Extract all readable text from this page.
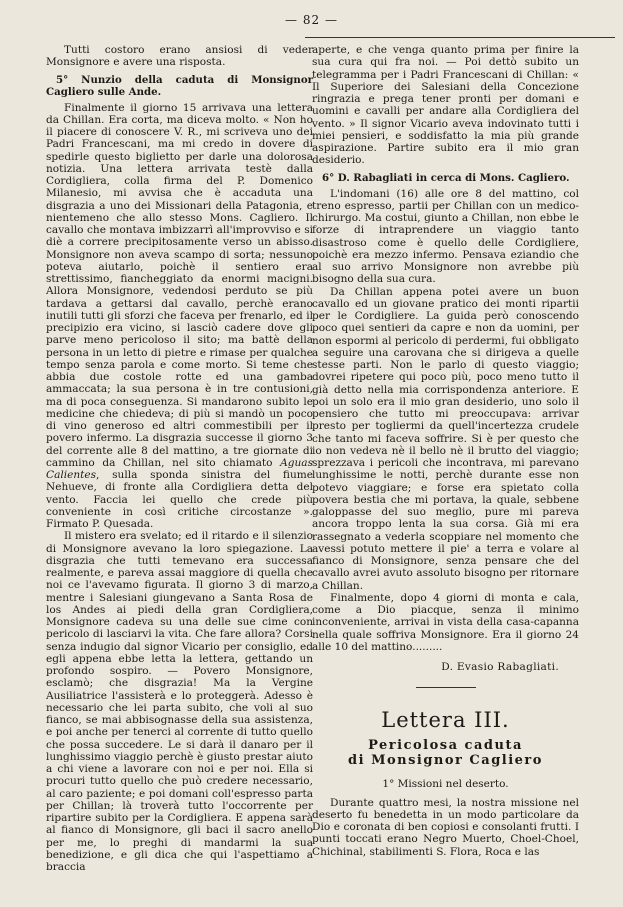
— 82 —

Tutti costoro erano ansiosi di veder Monsignore e avere una risposta.

5° Nunzio della caduta di Monsignor Cagliero sulle Ande.

Finalmente il giorno 15 arrivava una lettera da Chillan. Era corta, ma diceva molto. « Non ho il piacere di conoscere V. R., mi scriveva uno dei Padri Francescani, ma mi credo in dovere di spedirle questo biglietto per darle una dolorosa notizia. Una lettera arrivata testè dalla Cordigliera, colla firma del P. Domenico Milanesio, mi avvisa che è accaduta una disgrazia a uno dei Missionari della Patagonia, e nientemeno che allo stesso Mons. Cagliero. Il cavallo che montava imbizzarrì all'improvviso e si diè a correre precipitosamente verso un abisso. Monsignore non aveva scampo di sorta; nessuno poteva aiutarlo, poichè il sentiero era strettissimo, fiancheggiato da enormi macigni. Allora Monsignore, vedendosi perduto se più tardava a gettarsi dal cavallo, perchè erano inutili tutti gli sforzi che faceva per frenarlo, ed il precipizio era vicino, si lasciò cadere dove gli parve meno pericoloso il sito; ma battè della persona in un letto di pietre e rimase per qualche tempo senza parola e come morto. Si teme che abbia due costole rotte ed una gamba ammaccata; la sua persona è in tre contusioni, ma di poca conseguenza. Si mandarono subito le medicine che chiedeva; di più si mandò un poco di vino generoso ed altri commestibili per il povero infermo. La disgrazia successe il giorno 3 del corrente alle 8 del mattino, a tre giornate di cammino da Chillan, nel sito chiamato Aguas Calientes, sulla sponda sinistra del fiume Nehueve, di fronte alla Cordigliera detta del vento. Faccia lei quello che crede più conveniente in così critiche circostanze ». Firmato P. Quesada.

Il mistero era svelato; ed il ritardo e il silenzio di Monsignore avevano la loro spiegazione. La disgrazia che tutti temevano era successa realmente, e pareva assai maggiore di quella che noi ce l'avevamo figurata. Il giorno 3 di marzo, mentre i Salesiani giungevano a Santa Rosa de los Andes ai piedi della gran Cordigliera, Monsignore cadeva su una delle sue cime con pericolo di lasciarvi la vita. Che fare allora? Corsi senza indugio dal signor Vicario per consiglio, ed egli appena ebbe letta la lettera, gettando un profondo sospiro. — Povero Monsignore, esclamò; che disgrazia! Ma la Vergine Ausiliatrice l'assisterà e lo proteggerà. Adesso è necessario che lei parta subito, che voli al suo fianco, se mai abbisognasse della sua assistenza, e poi anche per tenerci al corrente di tutto quello che possa succedere. Le si darà il danaro per il lunghissimo viaggio perchè è giusto prestar aiuto a chi viene a lavorare con noi e per noi. Ella si procuri tutto quello che può credere necessario, al caro paziente; e poi domani coll'espresso parta per Chillan; là troverà tutto l'occorrente per ripartire subito per la Cordigliera. E appena sarà al fianco di Monsignore, gli baci il sacro anello per me, lo preghi di mandarmi la sua benedizione, e gli dica che qui l'aspettiamo a braccia

aperte, e che venga quanto prima per finire la sua cura qui fra noi. — Poi dettò subito un telegramma per i Padri Francescani di Chillan: « Il Superiore dei Salesiani della Concezione ringrazia e prega tener pronti per domani e uomini e cavalli per andare alla Cordigliera del vento. » Il signor Vicario aveva indovinato tutti i miei pensieri, e soddisfatto la mia più grande aspirazione. Partire subito era il mio gran desiderio.

6° D. Rabagliati in cerca di Mons. Cagliero.

L'indomani (16) alle ore 8 del mattino, col treno espresso, partii per Chillan con un medico-chirurgo. Ma costui, giunto a Chillan, non ebbe le forze di intraprendere un viaggio tanto disastroso come è quello delle Cordigliere, poichè era mezzo infermo. Pensava eziandio che al suo arrivo Monsignore non avrebbe più bisogno della sua cura.

Da Chillan appena potei avere un buon cavallo ed un giovane pratico dei monti ripartii per le Cordigliere. La guida però conoscendo poco quei sentieri da capre e non da uomini, per non espormi al pericolo di perdermi, fui obbligato a seguire una carovana che si dirigeva a quelle stesse parti. Non le parlo di questo viaggio; dovrei ripetere qui poco più, poco meno tutto il già detto nella mia corrispondenza anteriore. E poi un solo era il mio gran desiderio, uno solo il pensiero che tutto mi preoccupava: arrivar presto per togliermi da quell'incertezza crudele che tanto mi faceva soffrire. Si è per questo che io non vedeva nè il bello nè il brutto del viaggio; sprezzava i pericoli che incontrava, mi parevano lunghissime le notti, perchè durante esse non potevo viaggiare; e forse era spietato colla povera bestia che mi portava, la quale, sebbene galoppasse del suo meglio, pure mi pareva ancora troppo lenta la sua corsa. Già mi era rassegnato a vederla scoppiare nel momento che avessi potuto mettere il pie' a terra e volare al fianco di Monsignore, senza pensare che del cavallo avrei avuto assoluto bisogno per ritornare a Chillan.

Finalmente, dopo 4 giorni di monta e cala, come a Dio piacque, senza il minimo inconveniente, arrivai in vista della casa-capanna nella quale soffriva Monsignore. Era il giorno 24 alle 10 del mattino.........

D. Evasio Rabagliati.

Lettera III.
Pericolosa caduta
di Monsignor Cagliero

1° Missioni nel deserto.

Durante quattro mesi, la nostra missione nel deserto fu benedetta in un modo particolare da Dio e coronata di ben copiosi e consolanti frutti. I punti toccati erano Negro Muerto, Choel-Choel, Chichinal, stabilimenti S. Flora, Roca e las
